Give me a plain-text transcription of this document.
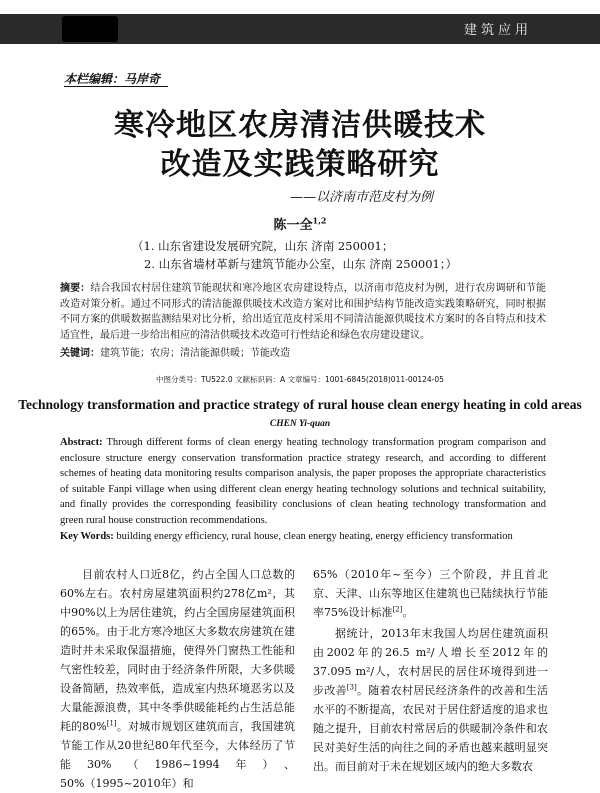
建筑应用
本栏编辑：马岸奇
寒冷地区农房清洁供暖技术
改造及实践策略研究
——以济南市范皮村为例
陈一全$^{1,2}$
（1. 山东省建设发展研究院，山东 济南 250001；
2. 山东省墙材革新与建筑节能办公室，山东 济南 250001；）
摘要：结合我国农村居住建筑节能现状和寒冷地区农房建设特点，以济南市范皮村为例，进行农房调研和节能改造对策分析。通过不同形式的清洁能源供暖技术改造方案对比和围护结构节能改造实践策略研究，同时根据不同方案的供暖数据监测结果对比分析，给出适宜范皮村采用不同清洁能源供暖技术方案时的各自特点和技术适宜性，最后进一步给出相应的清洁供暖技术改造可行性结论和绿色农房建设建议。
关键词：建筑节能；农房；清洁能源供暖；节能改造
中图分类号：TU522.0 文献标识码：A 文章编号：1001-6845(2018)011-00124-05
Technology transformation and practice strategy of rural house clean energy heating in cold areas
CHEN Yi-quan
Abstract: Through different forms of clean energy heating technology transformation program comparison and enclosure structure energy conservation transformation practice strategy research, and according to different schemes of heating data monitoring results comparison analysis, the paper proposes the appropriate characteristics of suitable Fanpi village when using different clean energy heating technology solutions and technical suitability, and finally provides the corresponding feasibility conclusions of clean heating technology transformation and green rural house construction recommendations.
Key Words: building energy efficiency, rural house, clean energy heating, energy efficiency transformation
目前农村人口近8亿，约占全国人口总数的60%左右。农村房屋建筑面积约278亿m²，其中90%以上为居住建筑，约占全国房屋建筑面积的65%。由于北方寒冷地区大多数农房建筑在建造时并未采取保温措施，使得外门窗热工性能和气密性较差，同时由于经济条件所限，大多供暖设备简陋，热效率低，造成室内热环境恶劣以及大量能源浪费，其中冬季供暖能耗约占生活总能耗的80%[1]。对城市规划区建筑而言，我国建筑节能工作从20世纪80年代至今，大体经历了节能30%（1986~1994年）、50%（1995~2010年）和

65%（2010年~至今）三个阶段，并且首北京、天津、山东等地区住建筑也已陆续执行节能率75%设计标准[2]。

据统计，2013年末我国人均居住建筑面积由2002年的26.5 m²/人增长至2012年的37.095 m²/人，农村居民的居住环境得到进一步改善[3]。随着农村居民经济条件的改善和生活水平的不断提高，农民对于居住舒适度的追求也随之提升，目前农村常居后的供暖制冷条件和农民对美好生活的向往之间的矛盾也越来越明显突出。而目前对于未在规划区域内的绝大多数农
